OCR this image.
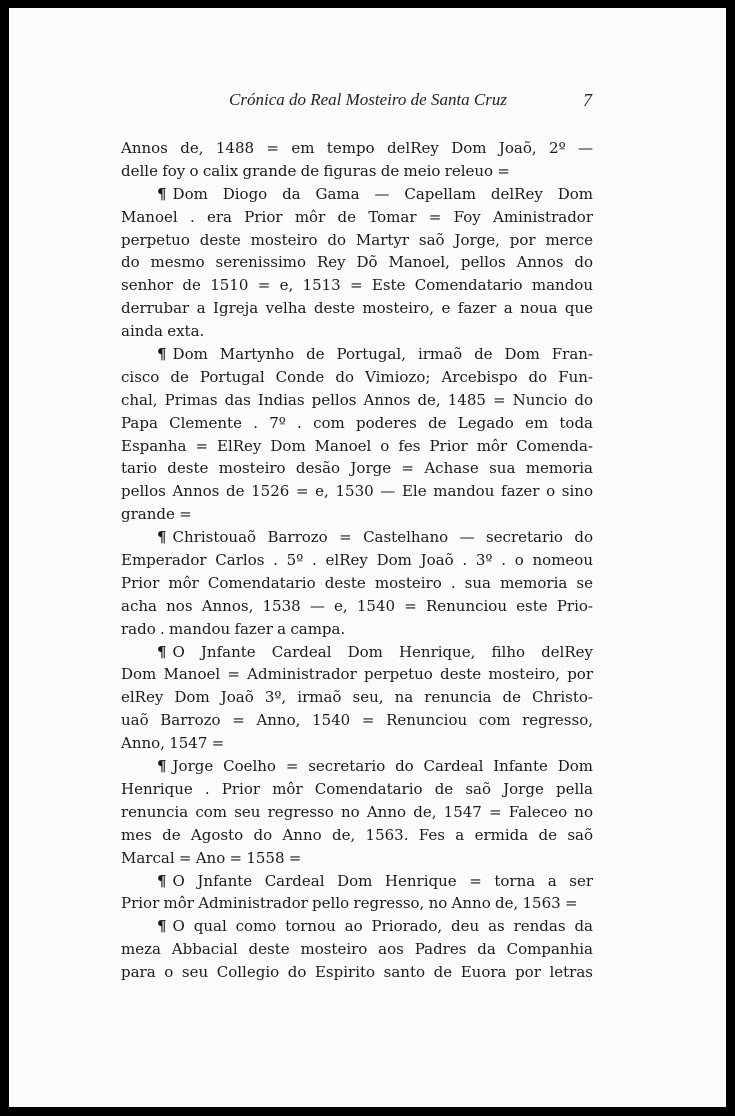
Crónica do Real Mosteiro de Santa Cruz	7
Annos de, 1488 = em tempo delRey Dom Joaõ, 2º —
delle foy o calix grande de figuras de meio releuo =
¶ Dom Diogo da Gama — Capellam delRey Dom
Manoel . era Prior môr de Tomar = Foy Aministrador
perpetuo deste mosteiro do Martyr saõ Jorge, por merce
do mesmo serenissimo Rey Dõ Manoel, pellos Annos do
senhor de 1510 = e, 1513 = Este Comendatario mandou
derrubar a Igreja velha deste mosteiro, e fazer a noua que
ainda exta.
¶ Dom Martynho de Portugal, irmaõ de Dom Fran-
cisco de Portugal Conde do Vimiozo; Arcebispo do Fun-
chal, Primas das Indias pellos Annos de, 1485 = Nuncio do
Papa Clemente . 7º . com poderes de Legado em toda
Espanha = ElRey Dom Manoel o fes Prior môr Comenda-
tario deste mosteiro desão Jorge = Achase sua memoria
pellos Annos de 1526 = e, 1530 — Ele mandou fazer o sino
grande =
¶ Christouaõ Barrozo = Castelhano — secretario do
Emperador Carlos . 5º . elRey Dom Joaõ . 3º . o nomeou
Prior môr Comendatario deste mosteiro . sua memoria se
acha nos Annos, 1538 — e, 1540 = Renunciou este Prio-
rado . mandou fazer a campa.
¶ O Jnfante Cardeal Dom Henrique, filho delRey
Dom Manoel = Administrador perpetuo deste mosteiro, por
elRey Dom Joaõ 3º, irmaõ seu, na renuncia de Christo-
uaõ Barrozo = Anno, 1540 = Renunciou com regresso,
Anno, 1547 =
¶ Jorge Coelho = secretario do Cardeal Infante Dom
Henrique . Prior môr Comendatario de saõ Jorge pella
renuncia com seu regresso no Anno de, 1547 = Faleceo no
mes de Agosto do Anno de, 1563. Fes a ermida de saõ
Marcal = Ano = 1558 =
¶ O Jnfante Cardeal Dom Henrique = torna a ser
Prior môr Administrador pello regresso, no Anno de, 1563 =
¶ O qual como tornou ao Priorado, deu as rendas da
meza Abbacial deste mosteiro aos Padres da Companhia
para o seu Collegio do Espirito santo de Euora por letras
